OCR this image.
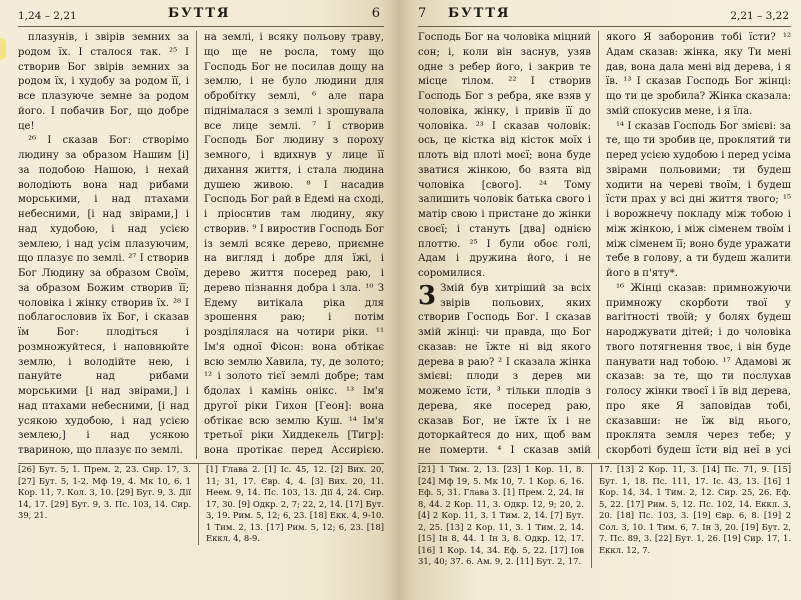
1,24 – 2,21	БУТТЯ	6

плазунів, і звірів земних за родом їх. І сталося так. ²⁵ І створив Бог звірів земних за родом їх, і худобу за родом її, і все плазуюче земне за родом його. І побачив Бог, що добре це!

²⁶ І сказав Бог: створімо людину за образом Нашим [і] за подобою Нашою, і нехай володіють вона над рибами морськими, і над птахами небесними, [і над звірами,] і над худобою, і над усією землею, і над усім плазуючим, що плазує по землі. ²⁷ І створив Бог Людину за образом Своїм, за образом Божим створив її; чоловіка і жінку створив їх. ²⁸ І поблагословив їх Бог, і сказав їм Бог: плодіться і розмножуйтеся, і наповнюйте землю, і володійте нею, і пануйте над рибами морськими [і над звірами,] і над птахами небесними, [і над усякою худобою, і над усією землею,] і над усякою твариною, що плазує по землі.

на землі, і всяку польову траву, що ще не росла, тому що Господь Бог не посилав дощу на землю, і не було людини для обробітку землі, ⁶ але пара піднімалася з землі і зрошувала все лице землі. ⁷ І створив Господь Бог людину з пороху земного, і вдихнув у лице її дихання життя, і стала людина душею живою. ⁸ І насадив Господь Бог рай в Едемі на сході, і пріоснтив там людину, яку створив. ⁹ І виростив Господь Бог із землі всяке дерево, приємне на вигляд і добре для їжі, і дерево життя посеред раю, і дерево пізнання добра і зла. ¹⁰ З Едему витікала ріка для зрошення раю; і потім розділялася на чотири ріки. ¹¹ Ім'я одної Фісон: вона обтікає всю землю Хавила, ту, де золото; ¹² і золото тієї землі добре; там бдолах і камінь онікс. ¹³ Ім'я другої ріки Гихон [Геон]: вона обтікає всю землю Куш. ¹⁴ Ім'я третьої ріки Хиддекель [Тигр]: вона протікає перед Ассирією.

[26] Бут. 5, 1. Прем. 2, 23. Сир. 17, 3. [27] Бут. 5, 1-2. Мф 19, 4. Мк 10, 6. 1 Кор. 11, 7. Кол. 3, 10. [29] Бут. 9, 3. Дії 14, 17. [29] Бут. 9, 3. Пс. 103, 14. Сир. 39, 21.
[1] Глава 2. [1] Іс. 45, 12. [2] Вих. 20, 11; 31, 17. Євр. 4, 4. [3] Вих. 20, 11. Неем. 9, 14. Пс. 103, 13. Дії 4, 24. Сир. 17, 30. [9] Одкр. 2, 7; 22, 2, 14. [17] Бут. 3, 19. Рим. 5, 12; 6, 23. [18] Екк. 4, 9-10. 1 Тим. 2, 13. [17] Рим. 5, 12; 6, 23. [18] Еккл. 4, 8-9.
7 БУТТЯ	2,21 – 3,22

Господь Бог на чоловіка міцний сон; і, коли він заснув, узяв одне з ребер його, і закрив те місце тілом. ²² І створив Господь Бог з ребра, яке взяв у чоловіка, жінку, і привів її до чоловіка. ²³ І сказав чоловік: ось, це кістка від кісток моїх і плоть від плоті моєї; вона буде зватися жінкою, бо взята від чоловіка [свого]. ²⁴ Тому залишить чоловік батька свого і матір свою і пристане до жінки своєї; і стануть [два] однією плоттю. ²⁵ І були обоє голі, Адам і дружина його, і не соромилися.

3 Змій був хитріший за всіх звірів польових, яких створив Господь Бог. І сказав змій жінці: чи правда, що Бог сказав: не їжте ні від якого дерева в раю? ² І сказала жінка змієві: плоди з дерев ми можемо їсти, ³ тільки плодів з дерева, яке посеред раю, сказав Бог, не їжте їх і не доторкайтеся до них, щоб вам не померти. ⁴ І сказав змій

якого Я заборонив тобі їсти? ¹² Адам сказав: жінка, яку Ти мені дав, вона дала мені від дерева, і я їв. ¹³ І сказав Господь Бог жінці: що ти це зробила? Жінка сказала: змій спокусив мене, і я їла.

¹⁴ І сказав Господь Бог змієві: за те, що ти зробив це, проклятий ти перед усією худобою і перед усіма звірами польовими; ти будеш ходити на череві твоїм, і будеш їсти прах у всі дні життя твого; ¹⁵ і ворожнечу покладу між тобою і між жінкою, і між сіменем твоїм і між сіменем її; воно буде уражати тебе в голову, а ти будеш жалити його в п'яту*.

¹⁶ Жінці сказав: примножуючи примножу скорботи твої у вагітності твоїй; у болях будеш народжувати дітей; і до чоловіка твого потягнення твоє, і він буде панувати над тобою. ¹⁷ Адамові ж сказав: за те, що ти послухав голосу жінки твоєї і їв від дерева, про яке Я заповідав тобі, сказавши: не їж від нього, проклята земля через тебе; у скорботі будеш їсти від неї в усі

[21] 1 Тим. 2, 13. [23] 1 Кор. 11, 8. [24] Мф 19, 5. Мк 10, 7. 1 Кор. 6, 16. Еф. 5, 31. Глава 3. [1] Прем. 2, 24. Ін 8, 44. 2 Кор. 11, 3. Одкр. 12, 9; 20, 2. [4] 2 Кор. 11, 3. 1 Тим. 2, 14. [7] Бут. 2, 25. [13] 2 Кор. 11, 3. 1 Тим. 2, 14. [15] Ін 8, 44. 1 Ін 3, 8. Одкр. 12, 17. [16] 1 Кор. 14, 34. Еф. 5, 22. [17] Іов 31, 40; 37. 6. Ам. 9, 2. [11] Бут. 2, 17.
17. [13] 2 Кор. 11, 3. [14] Пс. 71, 9. [15] Бут. 1, 18. Пс. 111, 17. Іс. 43, 13. [16] 1 Кор. 14, 34. 1 Тим. 2, 12. Сир. 25, 26. Еф. 5, 22. [17] Рим. 5, 12. Пс. 102, 14. Еккл. 3, 20. [18] Пс. 103, 3. [19] Євр. 6, 8. [19] 2 Сол. 3, 10. 1 Тим. 6, 7. Ін 3, 20. [19] Бут. 2, 7. Пс. 89, 3. [22] Бут. 1, 26. [19] Сир. 17, 1. Еккл. 12, 7.
